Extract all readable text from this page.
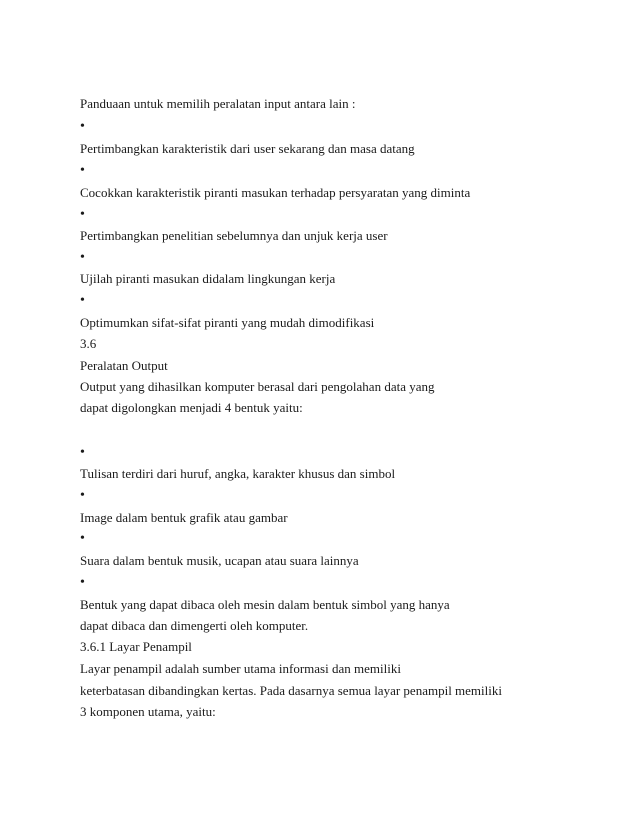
Panduaan untuk memilih peralatan input antara lain :
•
Pertimbangkan karakteristik dari user sekarang dan masa datang
•
Cocokkan karakteristik piranti masukan terhadap persyaratan yang diminta
•
Pertimbangkan penelitian sebelumnya dan unjuk kerja user
•
Ujilah piranti masukan didalam lingkungan kerja
•
Optimumkan sifat-sifat piranti yang mudah dimodifikasi
3.6
Peralatan Output
Output yang dihasilkan komputer berasal dari pengolahan data yang
dapat digolongkan menjadi 4 bentuk yaitu:
•
Tulisan terdiri dari huruf, angka, karakter khusus dan simbol
•
Image dalam bentuk grafik atau gambar
•
Suara dalam bentuk musik, ucapan atau suara lainnya
•
Bentuk yang dapat dibaca oleh mesin dalam bentuk simbol yang hanya
dapat dibaca dan dimengerti oleh komputer.
3.6.1 Layar Penampil
Layar penampil adalah sumber utama informasi dan memiliki
keterbatasan dibandingkan kertas. Pada dasarnya semua layar penampil memiliki
3 komponen utama, yaitu:
